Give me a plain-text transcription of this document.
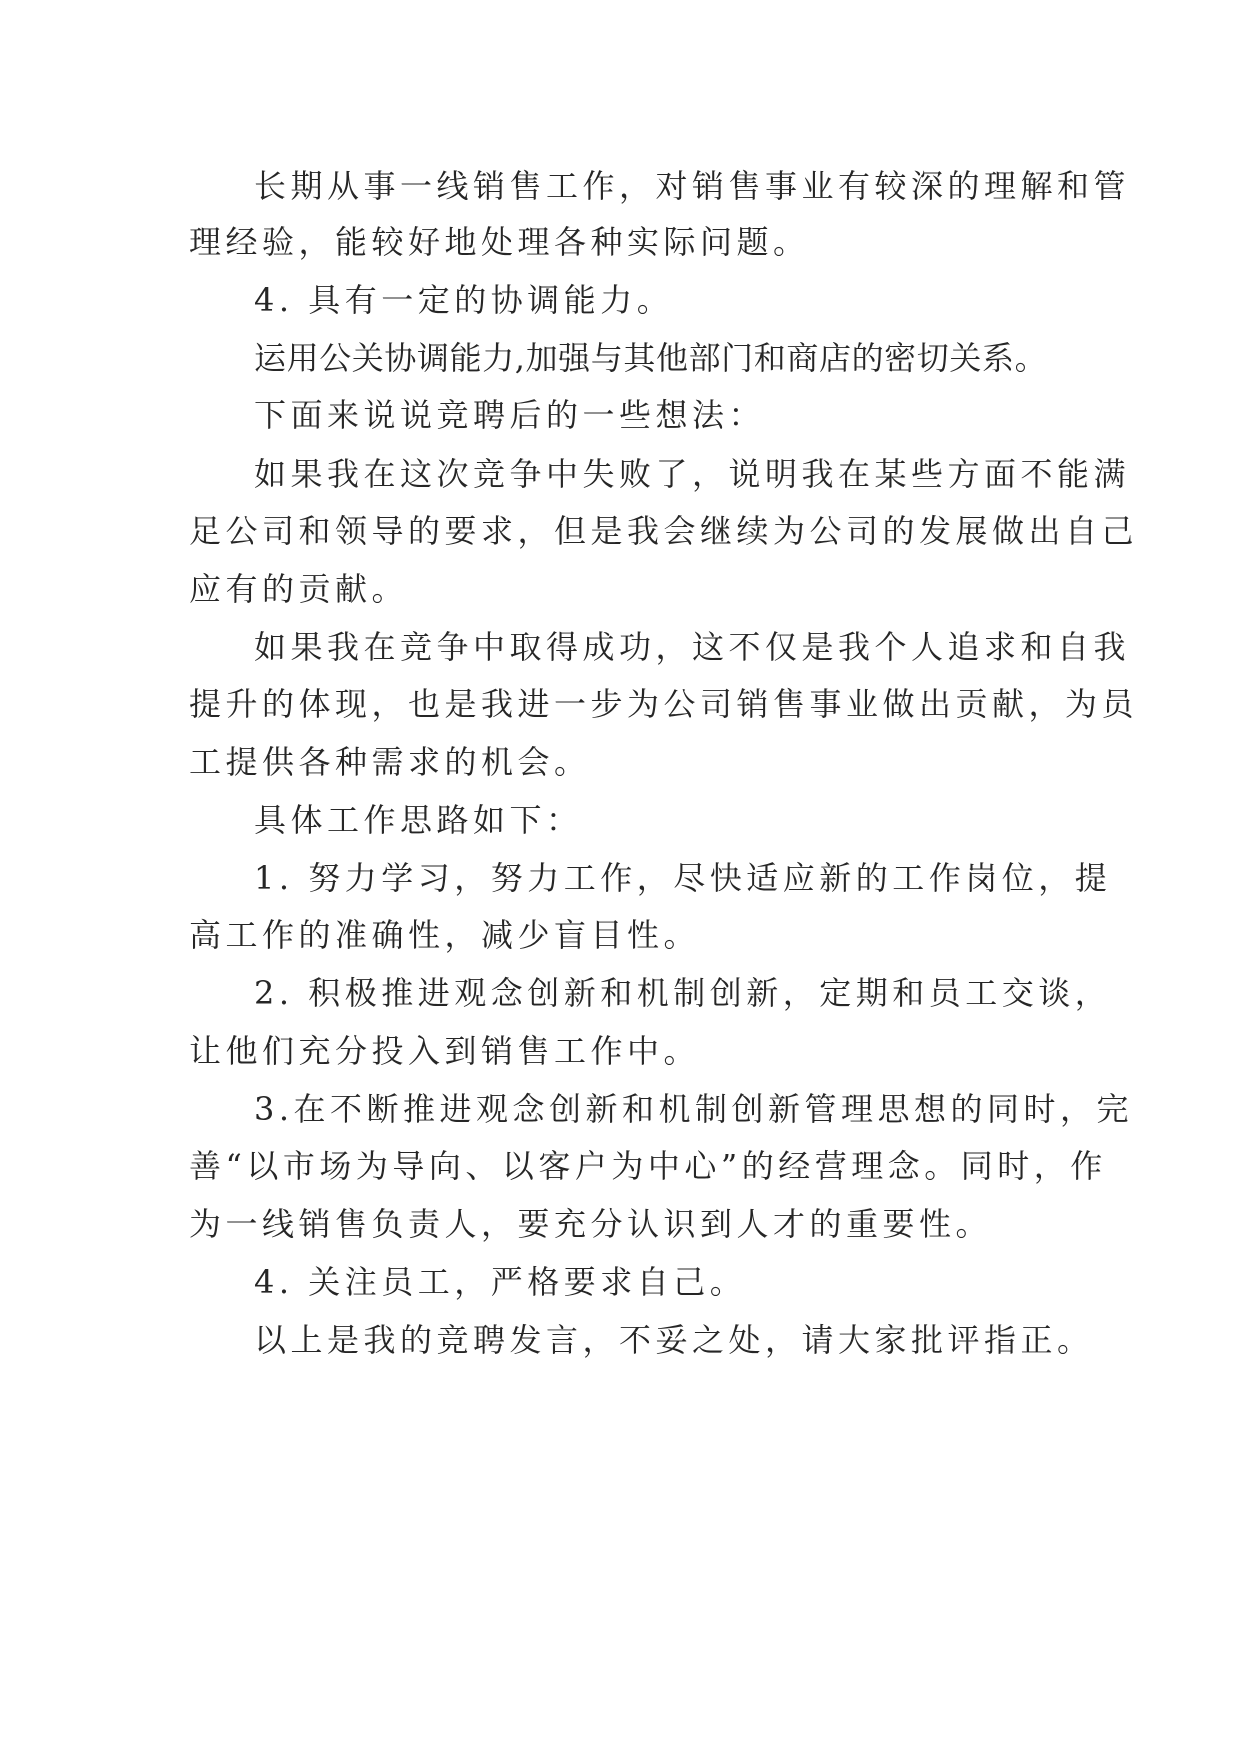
长期从事一线销售工作，对销售事业有较深的理解和管
理经验，能较好地处理各种实际问题。
4. 具有一定的协调能力。
运用公关协调能力,加强与其他部门和商店的密切关系。
下面来说说竞聘后的一些想法：
如果我在这次竞争中失败了，说明我在某些方面不能满
足公司和领导的要求，但是我会继续为公司的发展做出自己
应有的贡献。
如果我在竞争中取得成功，这不仅是我个人追求和自我
提升的体现，也是我进一步为公司销售事业做出贡献，为员
工提供各种需求的机会。
具体工作思路如下：
1. 努力学习，努力工作，尽快适应新的工作岗位，提
高工作的准确性，减少盲目性。
2. 积极推进观念创新和机制创新，定期和员工交谈，
让他们充分投入到销售工作中。
3.在不断推进观念创新和机制创新管理思想的同时，完
善“以市场为导向、以客户为中心”的经营理念。同时，作
为一线销售负责人，要充分认识到人才的重要性。
4. 关注员工，严格要求自己。
以上是我的竞聘发言，不妥之处，请大家批评指正。
